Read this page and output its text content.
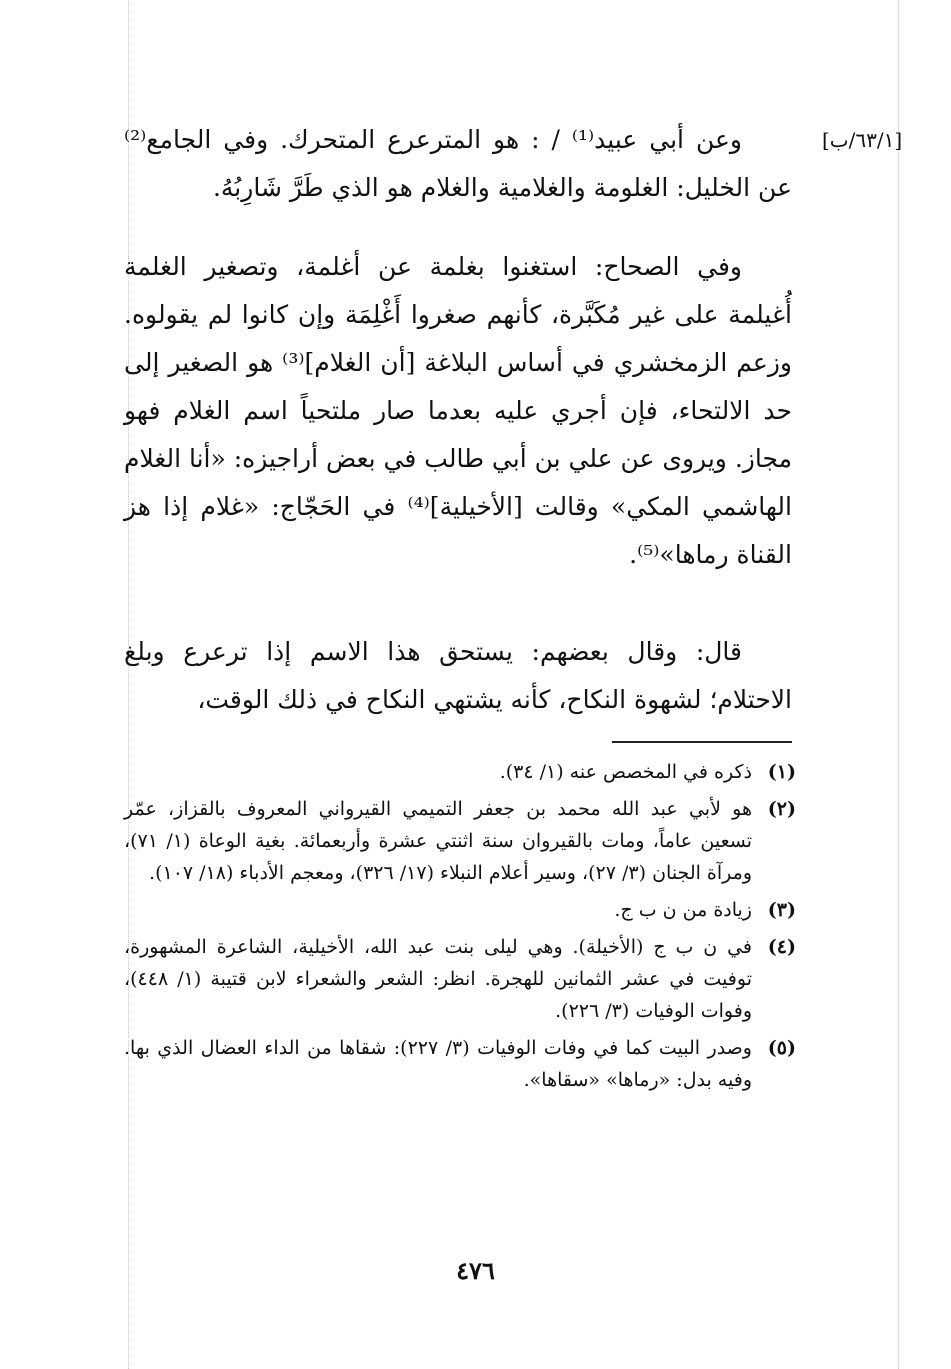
[٦٣/١/ب]

وعن أبي عبيد⁽¹⁾ / : هو المترعرع المتحرك. وفي الجامع⁽²⁾ عن الخليل: الغلومة والغلامية والغلام هو الذي طَرَّ شَارِبُهُ.

وفي الصحاح: استغنوا بغلمة عن أغلمة، وتصغير الغلمة أُغيلمة على غير مُكَبَّرة، كأنهم صغروا أَغْلِمَة وإن كانوا لم يقولوه. وزعم الزمخشري في أساس البلاغة [أن الغلام]⁽³⁾ هو الصغير إلى حد الالتحاء، فإن أجري عليه بعدما صار ملتحياً اسم الغلام فهو مجاز. ويروى عن علي بن أبي طالب في بعض أراجيزه: «أنا الغلام الهاشمي المكي» وقالت [الأخيلية]⁽⁴⁾ في الحَجّاج: «غلام إذا هز القناة رماها»⁽⁵⁾.

قال: وقال بعضهم: يستحق هذا الاسم إذا ترعرع وبلغ الاحتلام؛ لشهوة النكاح، كأنه يشتهي النكاح في ذلك الوقت،

(١)
ذكره في المخصص عنه (١/ ٣٤).
(٢)
هو لأبي عبد الله محمد بن جعفر التميمي القيرواني المعروف بالقزاز، عمّر تسعين عاماً، ومات بالقيروان سنة اثنتي عشرة وأربعمائة. بغية الوعاة (١/ ٧١)، ومرآة الجنان (٣/ ٢٧)، وسير أعلام النبلاء (١٧/ ٣٢٦)، ومعجم الأدباء (١٨/ ١٠٧).
(٣)
زيادة من ن ب ج.
(٤)
في ن ب ج (الأخيلة). وهي ليلى بنت عبد الله، الأخيلية، الشاعرة المشهورة، توفيت في عشر الثمانين للهجرة. انظر: الشعر والشعراء لابن قتيبة (١/ ٤٤٨)، وفوات الوفيات (٣/ ٢٢٦).
(٥)
وصدر البيت كما في وفات الوفيات (٣/ ٢٢٧): شقاها من الداء العضال الذي بها. وفيه بدل: «رماها» «سقاها».
٤٧٦
